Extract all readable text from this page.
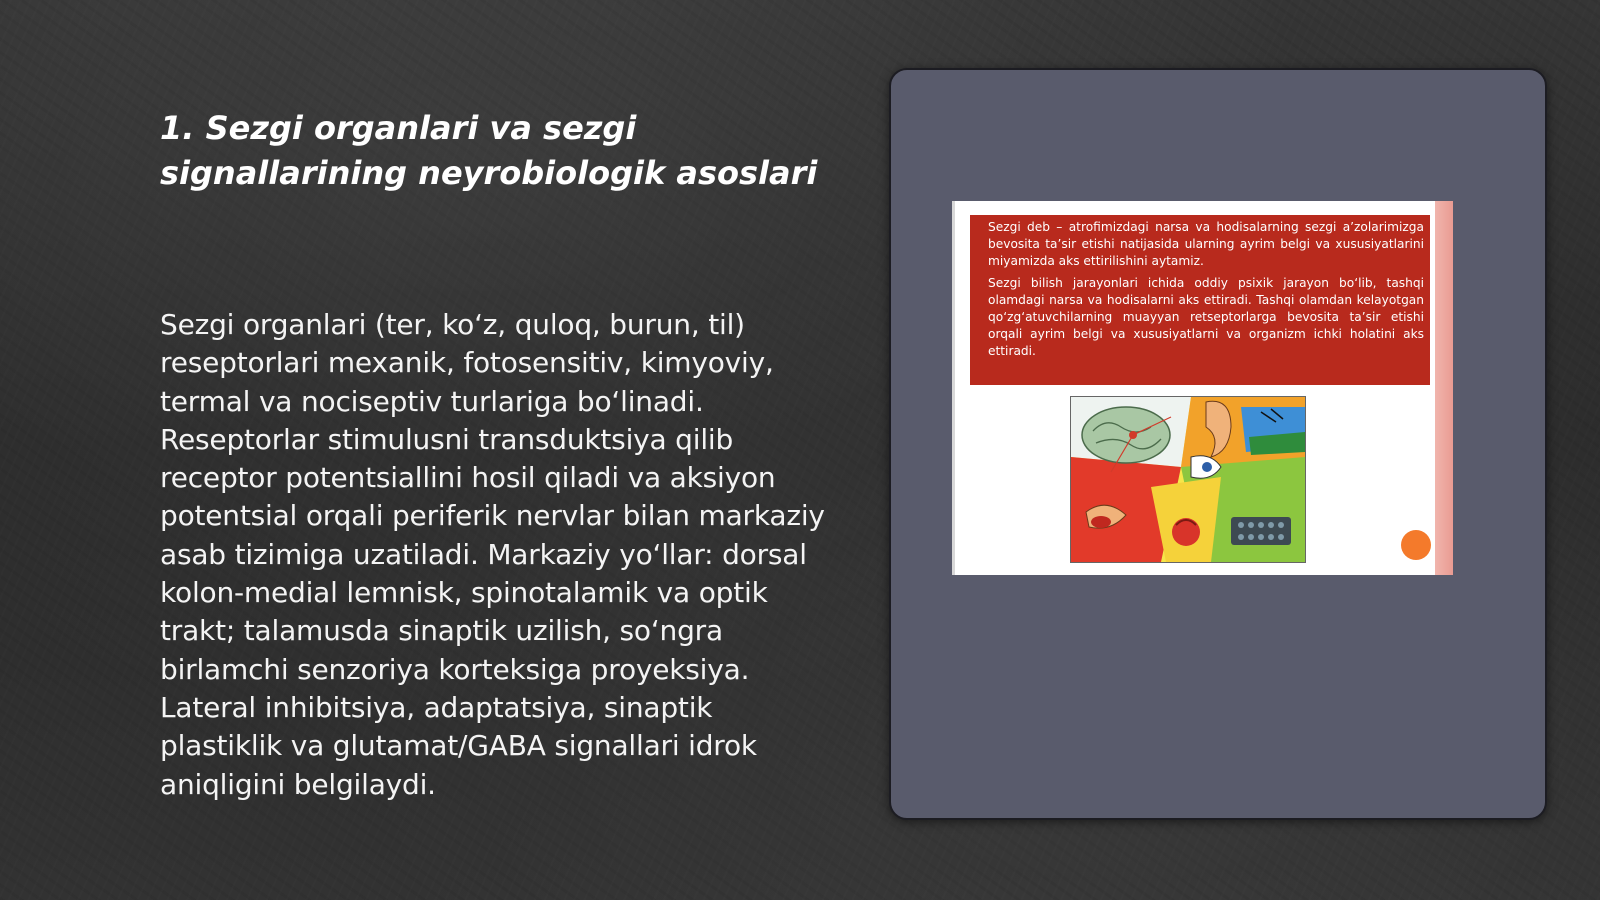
1. Sezgi organlari va sezgi signallarining neyrobiologik asoslari

Sezgi organlari (ter, ko‘z, quloq, burun, til) reseptorlari mexanik, fotosensitiv, kimyoviy, termal va nociseptiv turlariga bo‘linadi. Reseptorlar stimulusni transduktsiya qilib receptor potentsiallini hosil qiladi va aksiyon potentsial orqali periferik nervlar bilan markaziy asab tizimiga uzatiladi. Markaziy yo‘llar: dorsal kolon-medial lemnisk, spinotalamik va optik trakt; talamusda sinaptik uzilish, so‘ngra birlamchi senzoriya korteksiga proyeksiya. Lateral inhibitsiya, adaptatsiya, sinaptik plastiklik va glutamat/GABA signallari idrok aniqligini belgilaydi.

Sezgi deb – atrofimizdagi narsa va hodisalarning sezgi a’zolarimizga bevosita ta’sir etishi natijasida ularning ayrim belgi va xususiyatlarini miyamizda aks ettirilishini aytamiz.

Sezgi bilish jarayonlari ichida oddiy psixik jarayon bo‘lib, tashqi olamdagi narsa va hodisalarni aks ettiradi. Tashqi olamdan kelayotgan qo‘zg‘atuvchilarning muayyan retseptorlarga bevosita ta’sir etishi orqali ayrim belgi va xususiyatlarni va organizm ichki holatini aks ettiradi.
